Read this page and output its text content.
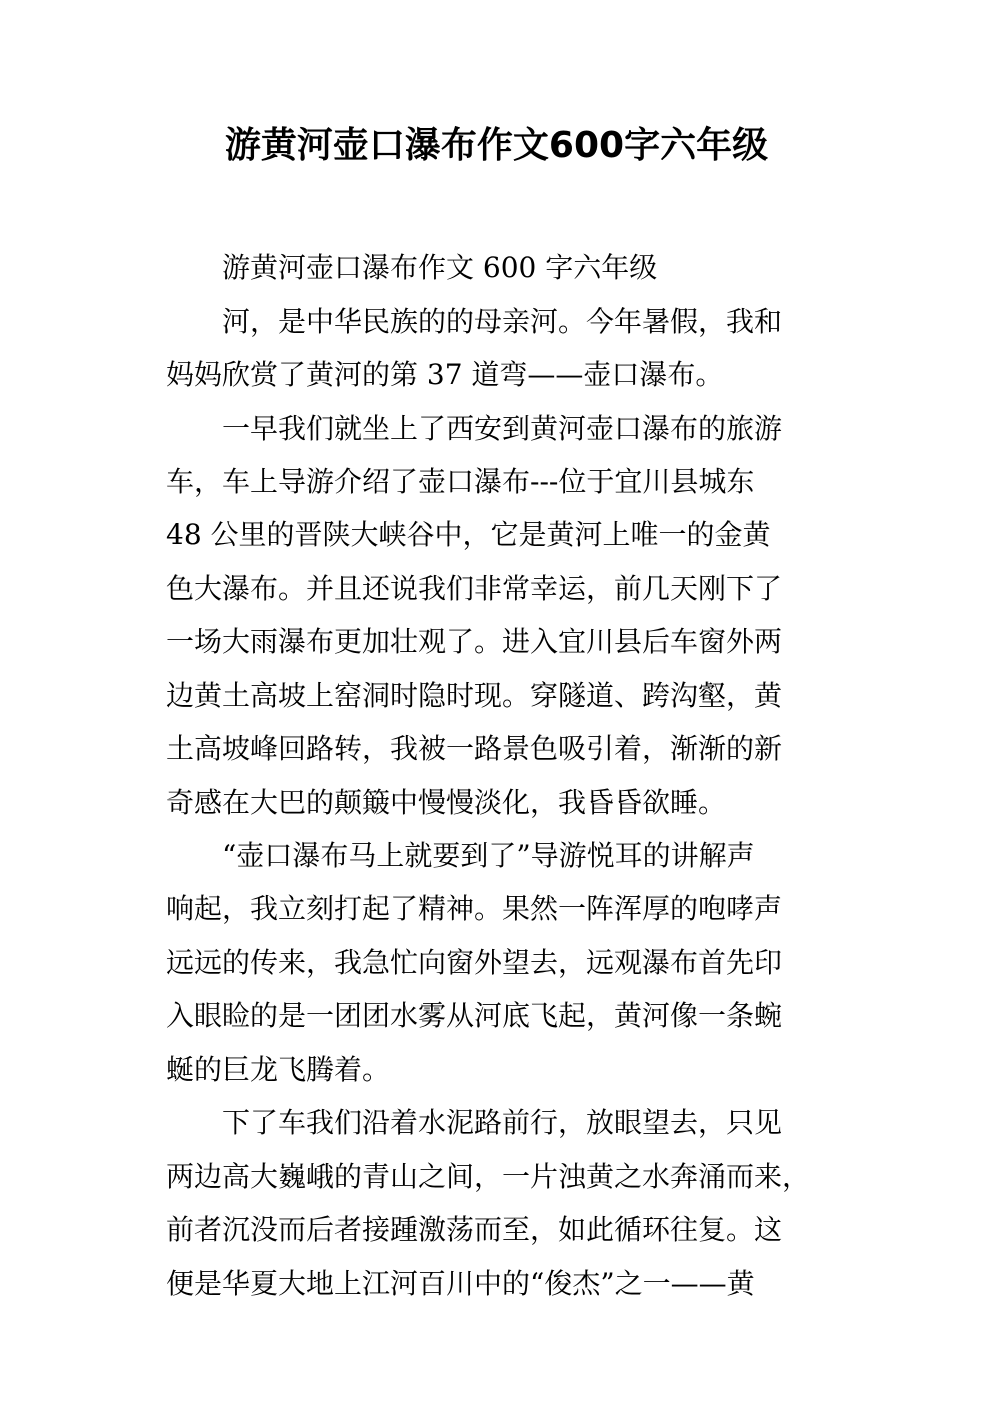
游黄河壶口瀑布作文600字六年级
游黄河壶口瀑布作文 600 字六年级
河，是中华民族的的母亲河。今年暑假，我和
妈妈欣赏了黄河的第 37 道弯——壶口瀑布。
一早我们就坐上了西安到黄河壶口瀑布的旅游
车，车上导游介绍了壶口瀑布---位于宜川县城东
48 公里的晋陕大峡谷中，它是黄河上唯一的金黄
色大瀑布。并且还说我们非常幸运，前几天刚下了
一场大雨瀑布更加壮观了。进入宜川县后车窗外两
边黄土高坡上窑洞时隐时现。穿隧道、跨沟壑，黄
土高坡峰回路转，我被一路景色吸引着，渐渐的新
奇感在大巴的颠簸中慢慢淡化，我昏昏欲睡。
“壶口瀑布马上就要到了”导游悦耳的讲解声
响起，我立刻打起了精神。果然一阵浑厚的咆哮声
远远的传来，我急忙向窗外望去，远观瀑布首先印
入眼睑的是一团团水雾从河底飞起，黄河像一条蜿
蜒的巨龙飞腾着。
下了车我们沿着水泥路前行，放眼望去，只见
两边高大巍峨的青山之间，一片浊黄之水奔涌而来，
前者沉没而后者接踵激荡而至，如此循环往复。这
便是华夏大地上江河百川中的“俊杰”之一——黄
